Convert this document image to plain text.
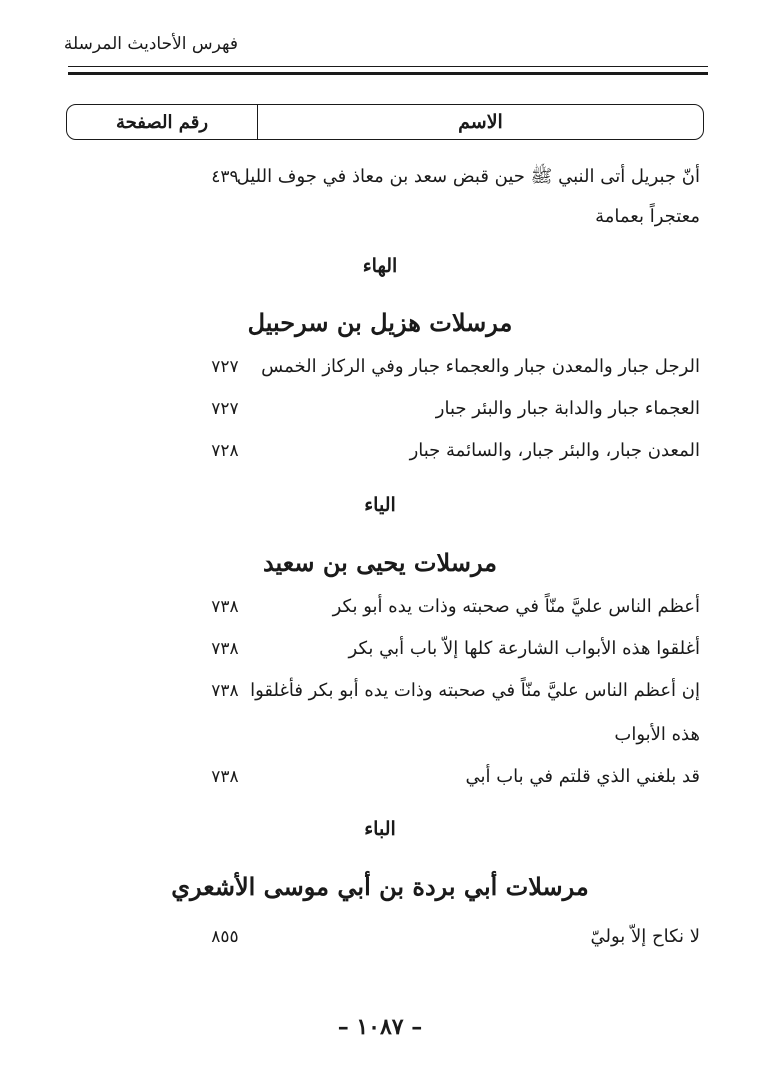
فهرس الأحاديث المرسلة
رقم الصفحة	الاسم
أنّ جبريل أتى النبي ﷺ حين قبض سعد بن معاذ في جوف الليل
٤٣٩
معتجراً بعمامة
الهاء
مرسلات هزيل بن سرحبيل
الرجل جبار والمعدن جبار والعجماء جبار وفي الركاز الخمس
٧٢٧
العجماء جبار والدابة جبار والبئر جبار
٧٢٧
المعدن جبار، والبئر جبار، والسائمة جبار
٧٢٨
الياء
مرسلات يحيى بن سعيد
أعظم الناس عليَّ منّاً في صحبته وذات يده أبو بكر
٧٣٨
أغلقوا هذه الأبواب الشارعة كلها إلاّ باب أبي بكر
٧٣٨
إن أعظم الناس عليَّ منّاً في صحبته وذات يده أبو بكر فأغلقوا
٧٣٨
هذه الأبواب
قد بلغني الذي قلتم في باب أبي
٧٣٨
الباء
مرسلات أبي بردة بن أبي موسى الأشعري
لا نكاح إلاّ بوليّ
٨٥٥
– ١٠٨٧ –
